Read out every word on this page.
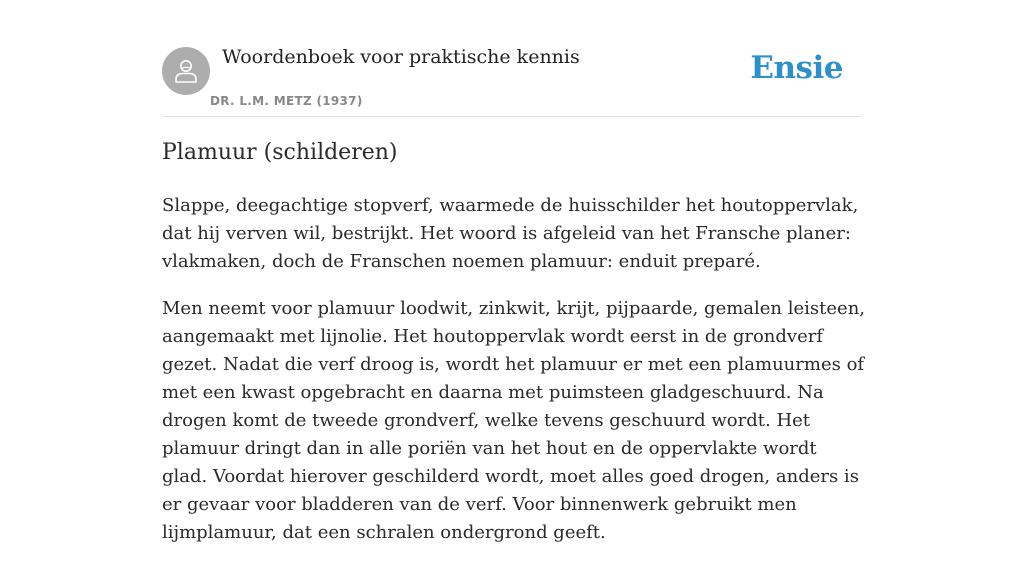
Woordenboek voor praktische kennis
DR. L.M. METZ (1937)
Ensie
Plamuur (schilderen)

Slappe, deegachtige stopverf, waarmede de huisschilder het houtoppervlak, dat hij verven wil, bestrijkt. Het woord is afgeleid van het Fransche planer: vlakmaken, doch de Franschen noemen plamuur: enduit preparé.

Men neemt voor plamuur loodwit, zinkwit, krijt, pijpaarde, gemalen leisteen, aangemaakt met lijnolie. Het houtoppervlak wordt eerst in de grondverf gezet. Nadat die verf droog is, wordt het plamuur er met een plamuurmes of met een kwast opgebracht en daarna met puimsteen gladgeschuurd. Na drogen komt de tweede grondverf, welke tevens geschuurd wordt. Het plamuur dringt dan in alle poriën van het hout en de oppervlakte wordt glad. Voordat hierover geschilderd wordt, moet alles goed drogen, anders is er gevaar voor bladderen van de verf. Voor binnenwerk gebruikt men lijmplamuur, dat een schralen ondergrond geeft.
